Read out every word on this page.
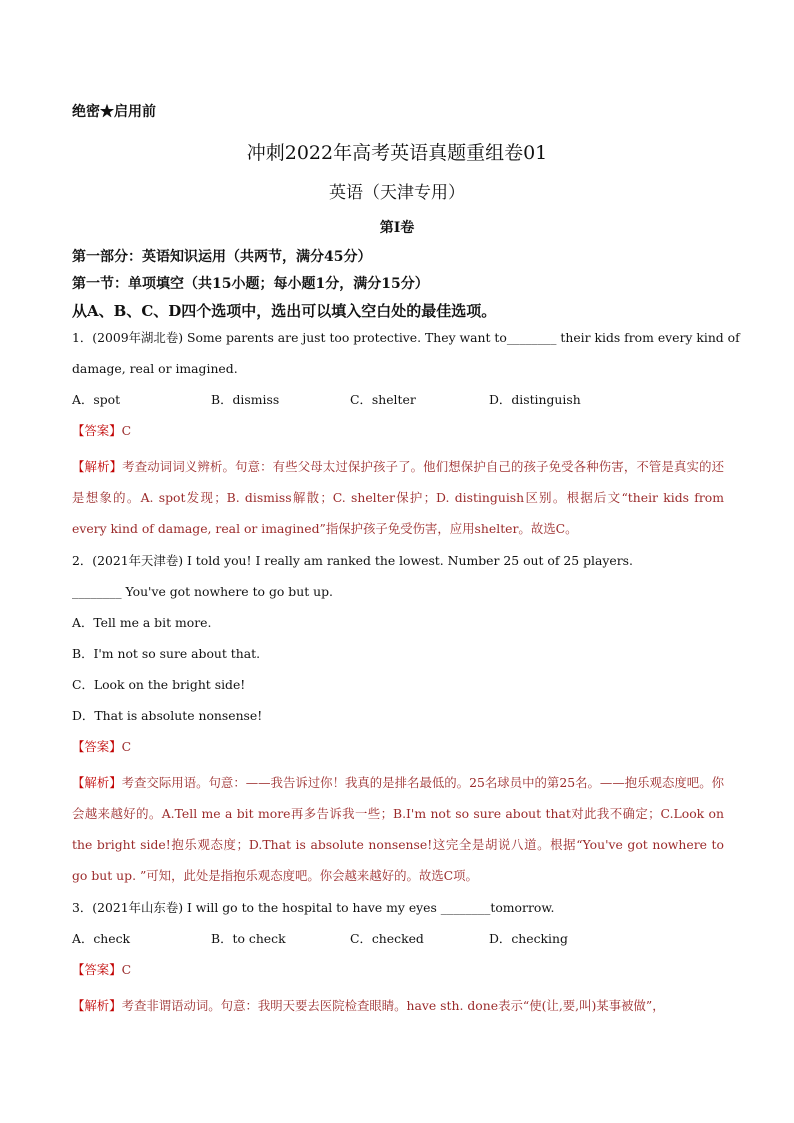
绝密★启用前
冲刺2022年高考英语真题重组卷01
英语（天津专用）
第I卷
第一部分：英语知识运用（共两节，满分45分）
第一节：单项填空（共15小题；每小题1分，满分15分）
从A、B、C、D四个选项中，选出可以填入空白处的最佳选项。
1．(2009年湖北卷) Some parents are just too protective. They want to________ their kids from every kind of
damage, real or imagined.
A．spot	B．dismiss	C．shelter	D．distinguish
【答案】C
【解析】考查动词词义辨析。句意：有些父母太过保护孩子了。他们想保护自己的孩子免受各种伤害，不管是真实的还是想象的。A. spot发现；B. dismiss解散；C. shelter保护；D. distinguish区别。根据后文“their kids from every kind of damage, real or imagined”指保护孩子免受伤害，应用shelter。故选C。
2．(2021年天津卷) I told you! I really am ranked the lowest. Number 25 out of 25 players.
________ You've got nowhere to go but up.
A．Tell me a bit more.
B．I'm not so sure about that.
C．Look on the bright side!
D．That is absolute nonsense!
【答案】C
【解析】考查交际用语。句意：——我告诉过你！我真的是排名最低的。25名球员中的第25名。——抱乐观态度吧。你会越来越好的。A.Tell me a bit more再多告诉我一些；B.I'm not so sure about that对此我不确定；C.Look on the bright side!抱乐观态度；D.That is absolute nonsense!这完全是胡说八道。根据“You've got nowhere to go but up. ”可知，此处是指抱乐观态度吧。你会越来越好的。故选C项。
3．(2021年山东卷) I will go to the hospital to have my eyes ________tomorrow.
A．check	B．to check	C．checked	D．checking
【答案】C
【解析】考查非谓语动词。句意：我明天要去医院检查眼睛。have sth. done表示“使(让,要,叫)某事被做”，
